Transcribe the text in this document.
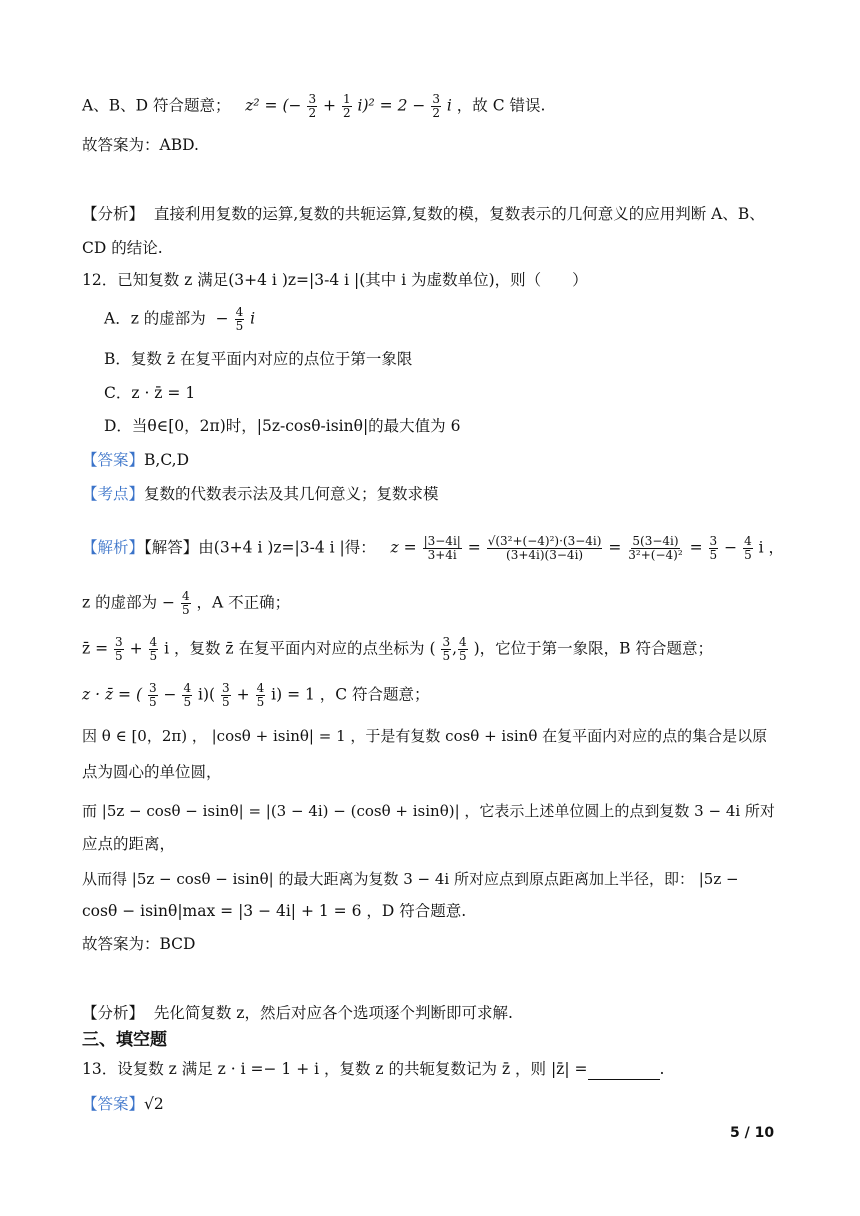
A、B、D 符合题意； z² = (− $\frac{3}{2} + \frac{1}{2} i)^2 = 2 - \frac{3}{2}$ i ，故 C 错误.
故答案为：ABD.
【分析】 直接利用复数的运算,复数的共轭运算,复数的模，复数表示的几何意义的应用判断 A、B、
CD 的结论.
12．已知复数 z 满足(3+4 i )z=|3-4 i |(其中 i 为虚数单位)，则（　　）
A．z 的虚部为 − $\frac{4}{5}$ i
B．复数 z̄ 在复平面内对应的点位于第一象限
C．z · z̄ = 1
D．当θ∈[0，2π)时，|5z-cosθ-isinθ|的最大值为 6
【答案】B,C,D
【考点】复数的代数表示法及其几何意义；复数求模
【解析】【解答】由(3+4 i )z=|3-4 i |得： $z = \frac{|3-4i|}{3+4i} = \frac{\text{√(3²+(−4)²)·(3−4i)}}{(3+4i)(3-4i)} = \frac{5(3-4i)}{\text{3²+(−4)²}} = \frac{3}{5} - \frac{4}{5}$ i ，
z 的虚部为 − $\frac{4}{5}$ ，A 不正确；
z̄ = $\frac{3}{5} + \frac{4}{5}$ i ，复数 z̄ 在复平面内对应的点坐标为 ( $\frac{3}{5}$ , $\frac{4}{5}$ )，它位于第一象限，B 符合题意；
z · z̄ = ( $\frac{3}{5} - \frac{4}{5} i)( \frac{3}{5} + \frac{4}{5} i) = 1$ ，C 符合题意；
因 θ ∈ [0，2π) ， |cosθ + isinθ| = 1 ，于是有复数 cosθ + isinθ 在复平面内对应的点的集合是以原
点为圆心的单位圆，
而 |5z − cosθ − isinθ| = |(3 − 4i) − (cosθ + isinθ)| ，它表示上述单位圆上的点到复数 3 − 4i 所对
应点的距离，
从而得 |5z − cosθ − isinθ| 的最大距离为复数 3 − 4i 所对应点到原点距离加上半径，即： |5z −
cosθ − isinθ|max = |3 − 4i| + 1 = 6 ，D 符合题意.
故答案为：BCD
【分析】 先化简复数 z，然后对应各个选项逐个判断即可求解.
三、填空题
13．设复数 z 满足 z · i =− 1 + i ，复数 z 的共轭复数记为 z̄ ，则 |z̄| =	.
【答案】√2
5 / 10
